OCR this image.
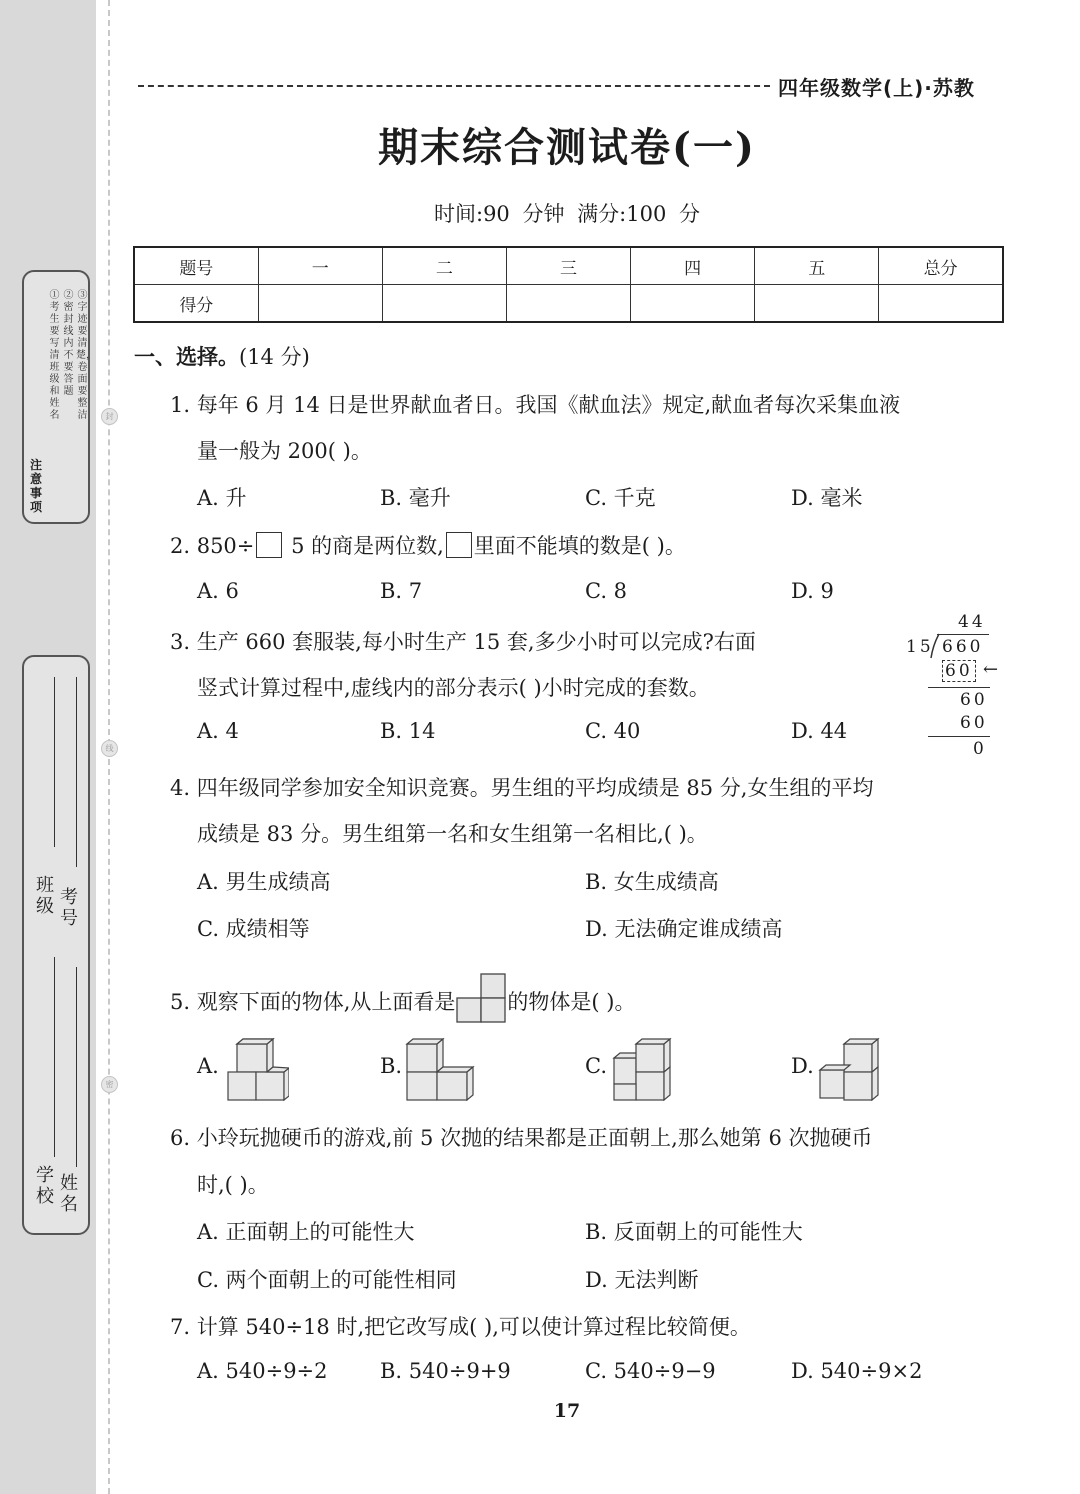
封
线
密
注意事项
①考生要写清班级和姓名
②密封线内不要答题
③字迹要清楚，卷面要整洁
班级 考号
学校
姓名
四年级数学(上)·苏教
期末综合测试卷(一)
时间:90 分钟 满分:100 分
题号	一	二	三	四	五	总分
得分						
一、选择。(14 分)
1. 每年 6 月 14 日是世界献血者日。我国《献血法》规定,献血者每次采集血液
量一般为 200( )。
A. 升	B. 毫升	C. 千克	D. 毫米
2. 850÷ 5 的商是两位数, 里面不能填的数是( )。
A. 6	B. 7	C. 8	D. 9
3. 生产 660 套服装,每小时生产 15 套,多少小时可以完成?右面
竖式计算过程中,虚线内的部分表示( )小时完成的套数。
A. 4	B. 14	C. 40	D. 44
44
15 660
60 ←
60
60
0
4. 四年级同学参加安全知识竞赛。男生组的平均成绩是 85 分,女生组的平均
成绩是 83 分。男生组第一名和女生组第一名相比,( )。
A. 男生成绩高	B. 女生成绩高
C. 成绩相等	D. 无法确定谁成绩高
5. 观察下面的物体,从上面看是 的物体是( )。
A.	B.	C.	D.
6. 小玲玩抛硬币的游戏,前 5 次抛的结果都是正面朝上,那么她第 6 次抛硬币
时,( )。
A. 正面朝上的可能性大	B. 反面朝上的可能性大
C. 两个面朝上的可能性相同	D. 无法判断
7. 计算 540÷18 时,把它改写成( ),可以使计算过程比较简便。
A. 540÷9÷2 B. 540÷9+9	C. 540÷9−9	D. 540÷9×2
17
